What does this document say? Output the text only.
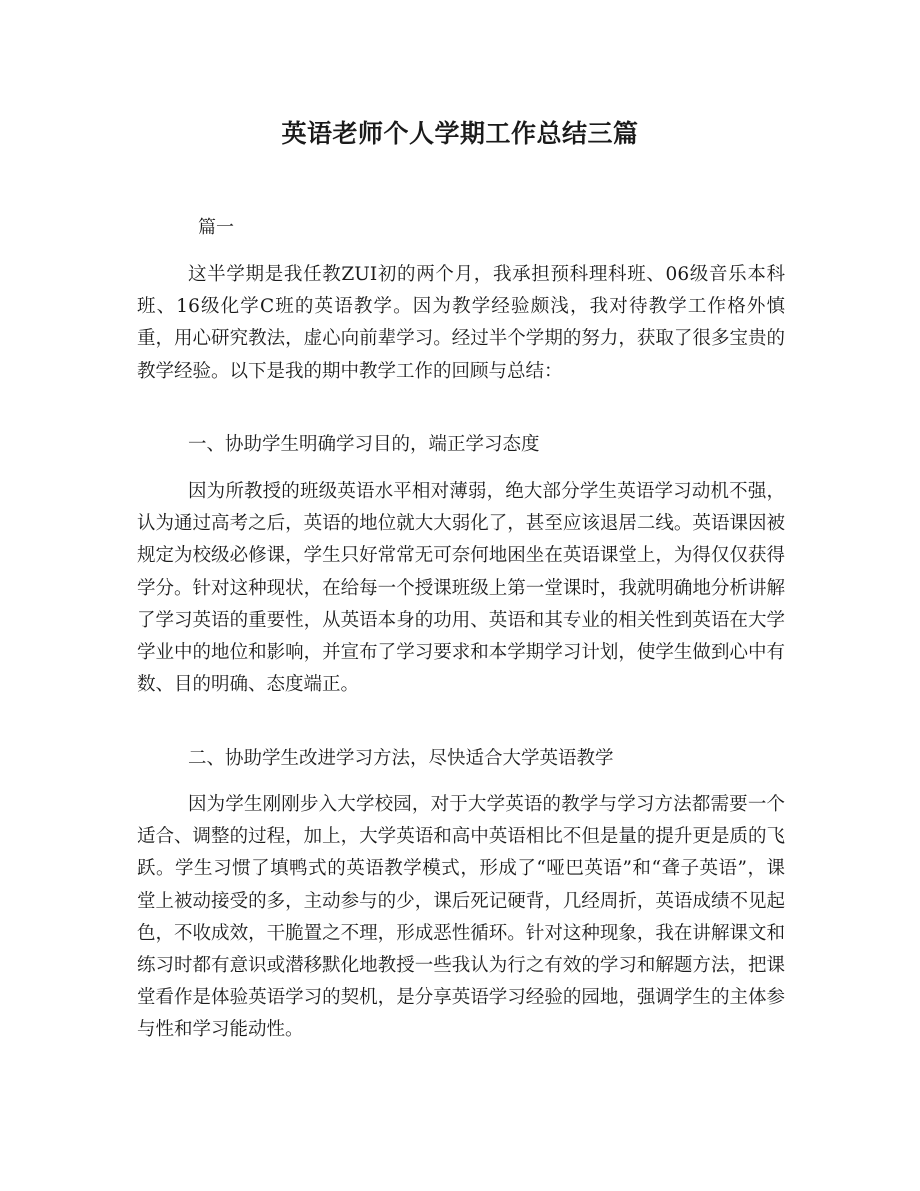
英语老师个人学期工作总结三篇
篇一

这半学期是我任教ZUI初的两个月，我承担预科理科班、06级音乐本科班、16级化学C班的英语教学。因为教学经验颇浅，我对待教学工作格外慎重，用心研究教法，虚心向前辈学习。经过半个学期的努力，获取了很多宝贵的教学经验。以下是我的期中教学工作的回顾与总结：

一、协助学生明确学习目的，端正学习态度

因为所教授的班级英语水平相对薄弱，绝大部分学生英语学习动机不强，认为通过高考之后，英语的地位就大大弱化了，甚至应该退居二线。英语课因被规定为校级必修课，学生只好常常无可奈何地困坐在英语课堂上，为得仅仅获得学分。针对这种现状，在给每一个授课班级上第一堂课时，我就明确地分析讲解了学习英语的重要性，从英语本身的功用、英语和其专业的相关性到英语在大学学业中的地位和影响，并宣布了学习要求和本学期学习计划，使学生做到心中有数、目的明确、态度端正。

二、协助学生改进学习方法，尽快适合大学英语教学

因为学生刚刚步入大学校园，对于大学英语的教学与学习方法都需要一个适合、调整的过程，加上，大学英语和高中英语相比不但是量的提升更是质的飞跃。学生习惯了填鸭式的英语教学模式，形成了“哑巴英语”和“聋子英语”，课堂上被动接受的多，主动参与的少，课后死记硬背，几经周折，英语成绩不见起色，不收成效，干脆置之不理，形成恶性循环。针对这种现象，我在讲解课文和练习时都有意识或潜移默化地教授一些我认为行之有效的学习和解题方法，把课堂看作是体验英语学习的契机，是分享英语学习经验的园地，强调学生的主体参与性和学习能动性。
